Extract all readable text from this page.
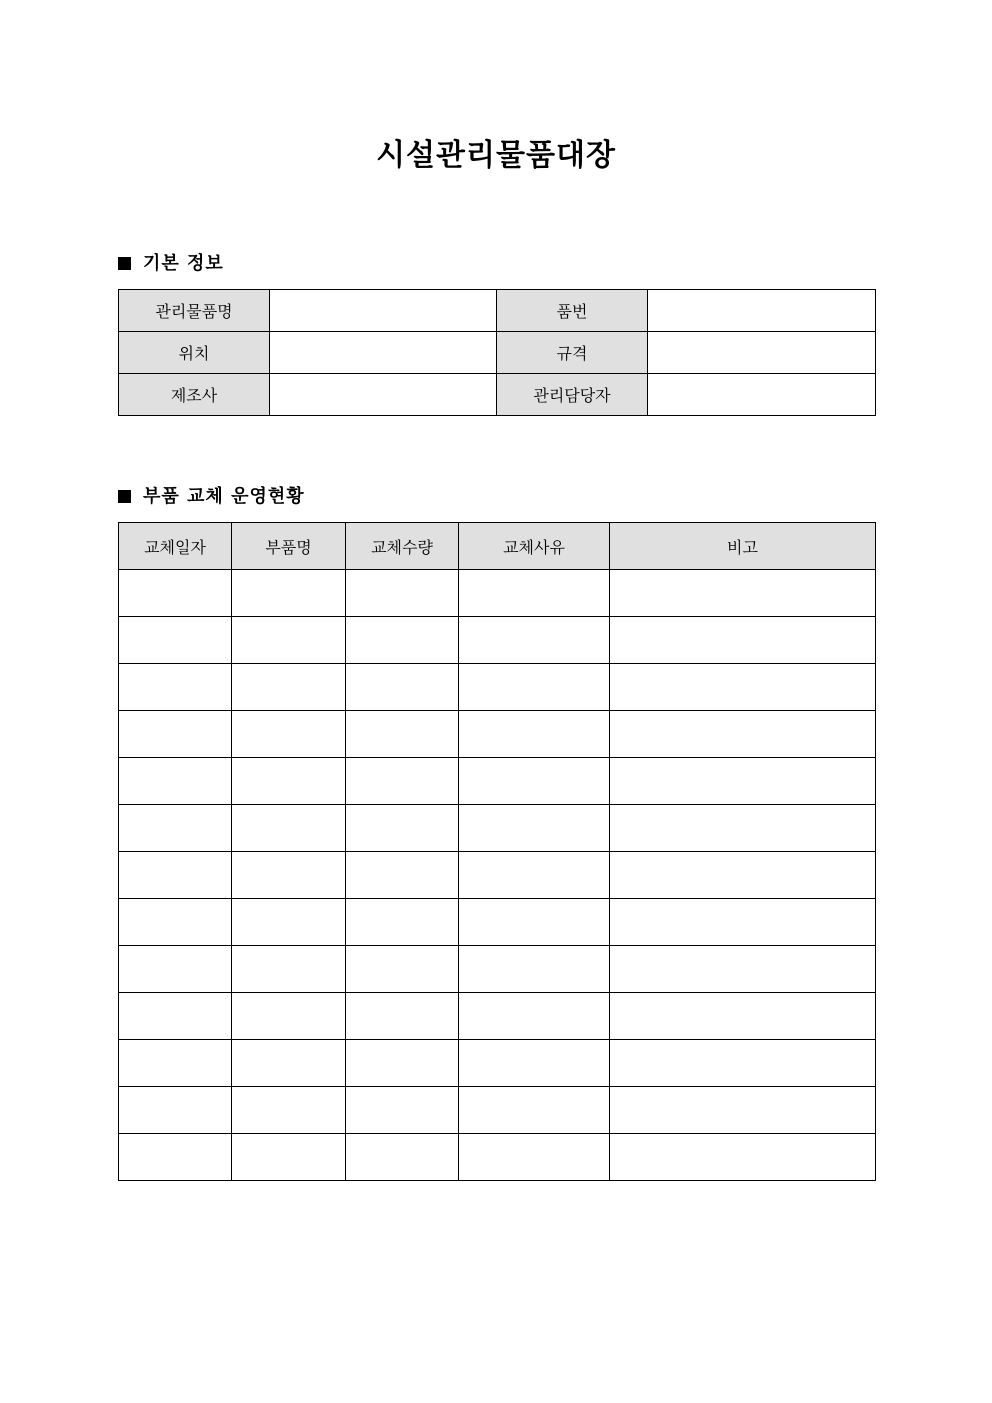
시설관리물품대장
기본 정보
관리물품명		품번	
위치		규격	
제조사		관리담당자	
부품 교체 운영현황
교체일자	부품명	교체수량	교체사유	비고
